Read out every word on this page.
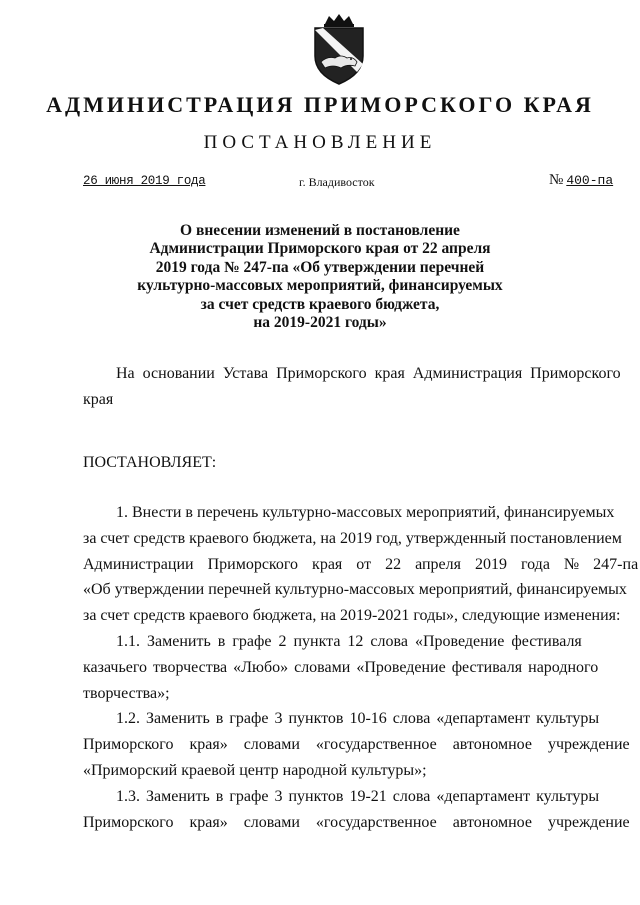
АДМИНИСТРАЦИЯ ПРИМОРСКОГО КРАЯ
ПОСТАНОВЛЕНИЕ
26 июня 2019 года	г. Владивосток	№ 400-па
О внесении изменений в постановление
Администрации Приморского края от 22 апреля
2019 года № 247-па «Об утверждении перечней
культурно-массовых мероприятий, финансируемых
за счет средств краевого бюджета,
на 2019-2021 годы»
На основании Устава Приморского края Администрация Приморского
края
ПОСТАНОВЛЯЕТ:
1. Внести в перечень культурно-массовых мероприятий, финансируемых
за счет средств краевого бюджета, на 2019 год, утвержденный постановлением
Администрации Приморского края от 22 апреля 2019 года № 247-па
«Об утверждении перечней культурно-массовых мероприятий, финансируемых
за счет средств краевого бюджета, на 2019-2021 годы», следующие изменения:
1.1. Заменить в графе 2 пункта 12 слова «Проведение фестиваля
казачьего творчества «Любо» словами «Проведение фестиваля народного
творчества»;
1.2. Заменить в графе 3 пунктов 10-16 слова «департамент культуры
Приморского края» словами «государственное автономное учреждение
«Приморский краевой центр народной культуры»;
1.3. Заменить в графе 3 пунктов 19-21 слова «департамент культуры
Приморского края» словами «государственное автономное учреждение
